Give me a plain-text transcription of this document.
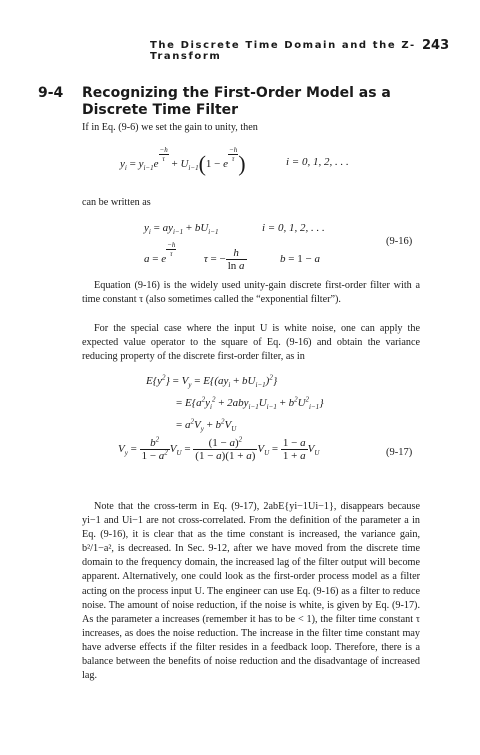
The Discrete Time Domain and the Z-Transform
243
9-4 Recognizing the First-Order Model as a Discrete Time Filter
If in Eq. (9-6) we set the gain to unity, then
$y_i = y_{i-1}e$
$\frac{-h}{\tau}$
+ $U_{i-1}(1 - e$
$\frac{-h}{\tau}$ )	i = 0, 1, 2, . . .
can be written as
$y_i = ay_{i-1} + bU_{i-1}$	i = 0, 1, 2, . . .
a = e
$\frac{-h}{\tau}$
τ = − $\frac{h}{\text{ln a}}$	b = 1 − a
(9-16)
Equation (9-16) is the widely used unity-gain discrete first-order filter with a time constant τ (also sometimes called the “exponential filter”).
For the special case where the input U is white noise, one can apply the expected value operator to the square of Eq. (9-16) and obtain the variance reducing property of the discrete first-order filter, as in
$E\{y^2\} = V_y = E\{(ay_i + bU_{i-1})^2\}$
= $E\{a^2y_i^2 + 2aby_{i-1}U_{i-1} + b^2U^2_{i-1}\}$
= $a^2V_y + b^2V_U$
$V_y = \frac{b^2}{1 - a^2} V_U = \frac{(1 - a)^2}{(1 - a)(1 + a)} V_U = \frac{1 - a}{1 + a} V_U$	(9-17)
Note that the cross-term in Eq. (9-17), 2abE{yi−1Ui−1}, disappears because yi−1 and Ui−1 are not cross-correlated. From the definition of the parameter a in Eq. (9-16), it is clear that as the time constant is increased, the variance gain, b²/1−a², is decreased. In Sec. 9-12, after we have moved from the discrete time domain to the frequency domain, the increased lag of the filter output will become apparent. Alternatively, one could look as the first-order process model as a filter acting on the process input U. The engineer can use Eq. (9-16) as a filter to reduce noise. The amount of noise reduction, if the noise is white, is given by Eq. (9-17). As the parameter a increases (remember it has to be < 1), the filter time constant τ increases, as does the noise reduction. The increase in the filter time constant may have adverse effects if the filter resides in a feedback loop. Therefore, there is a balance between the benefits of noise reduction and the disadvantage of increased lag.
